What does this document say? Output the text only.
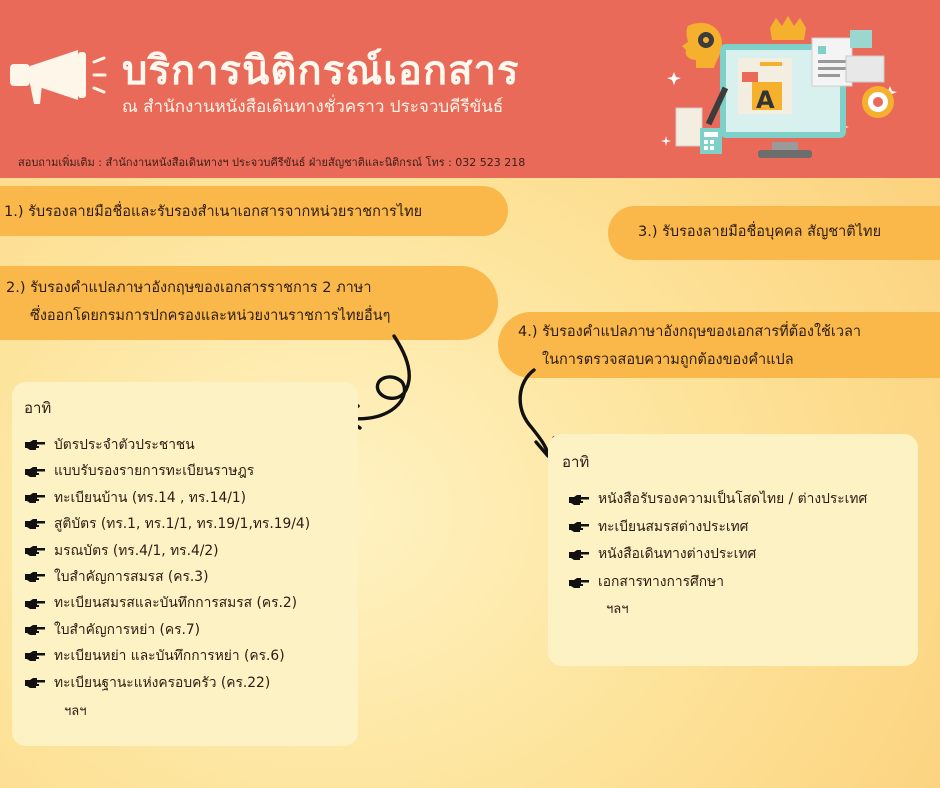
บริการนิติกรณ์เอกสาร
ณ สำนักงานหนังสือเดินทางชั่วคราว ประจวบคีรีขันธ์
สอบถามเพิ่มเติม : สำนักงานหนังสือเดินทางฯ ประจวบคีรีขันธ์ ฝ่ายสัญชาติและนิติกรณ์ โทร : 032 523 218
A
1.) รับรองลายมือชื่อและรับรองสำเนาเอกสารจากหน่วยราชการไทย
3.) รับรองลายมือชื่อบุคคล สัญชาติไทย
2.) รับรองคำแปลภาษาอังกฤษของเอกสารราชการ 2 ภาษา
ซึ่งออกโดยกรมการปกครองและหน่วยงานราชการไทยอื่นๆ
4.) รับรองคำแปลภาษาอังกฤษของเอกสารที่ต้องใช้เวลา
ในการตรวจสอบความถูกต้องของคำแปล
อาทิ
บัตรประจำตัวประชาชน
แบบรับรองรายการทะเบียนราษฎร
ทะเบียนบ้าน (ทร.14 , ทร.14/1)
สูติบัตร (ทร.1, ทร.1/1, ทร.19/1,ทร.19/4)
มรณบัตร (ทร.4/1, ทร.4/2)
ใบสำคัญการสมรส (คร.3)
ทะเบียนสมรสและบันทึกการสมรส (คร.2)
ใบสำคัญการหย่า (คร.7)
ทะเบียนหย่า และบันทึกการหย่า (คร.6)
ทะเบียนฐานะแห่งครอบครัว (คร.22)
ฯลฯ
อาทิ
หนังสือรับรองความเป็นโสดไทย / ต่างประเทศ
ทะเบียนสมรสต่างประเทศ
หนังสือเดินทางต่างประเทศ
เอกสารทางการศึกษา
ฯลฯ
